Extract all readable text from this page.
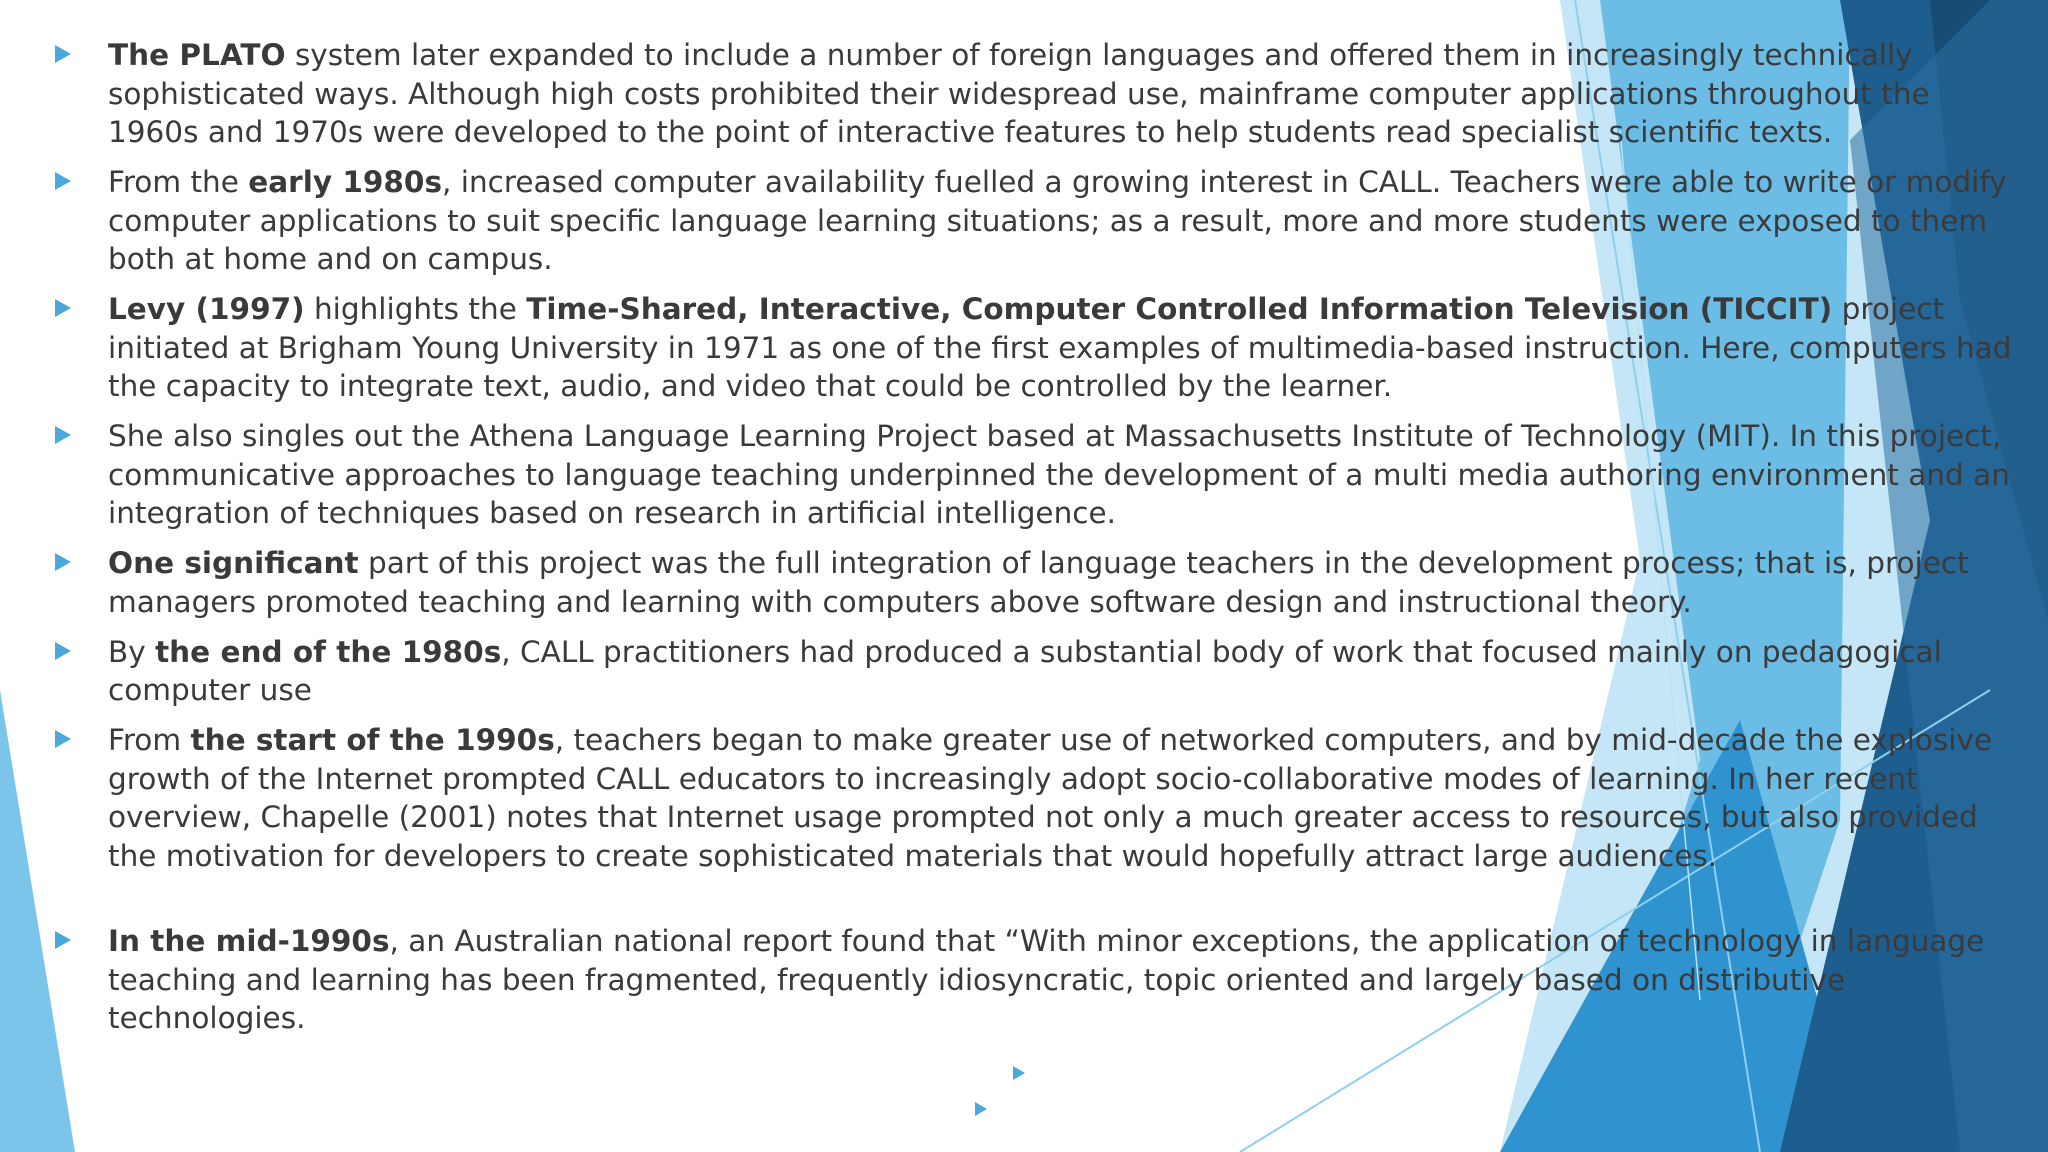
The PLATO system later expanded to include a number of foreign languages and offered them in increasingly technically sophisticated ways. Although high costs prohibited their widespread use, mainframe computer applications throughout the 1960s and 1970s were developed to the point of interactive features to help students read specialist scientific texts.
From the early 1980s, increased computer availability fuelled a growing interest in CALL. Teachers were able to write or modify computer applications to suit specific language learning situations; as a result, more and more students were exposed to them both at home and on campus.
Levy (1997) highlights the Time-Shared, Interactive, Computer Controlled Information Television (TICCIT) project initiated at Brigham Young University in 1971 as one of the first examples of multimedia-based instruction. Here, computers had the capacity to integrate text, audio, and video that could be controlled by the learner.
She also singles out the Athena Language Learning Project based at Massachusetts Institute of Technology (MIT). In this project, communicative approaches to language teaching underpinned the development of a multi media authoring environment and an integration of techniques based on research in artificial intelligence.
One significant part of this project was the full integration of language teachers in the development process; that is, project managers promoted teaching and learning with computers above software design and instructional theory.
By the end of the 1980s, CALL practitioners had produced a substantial body of work that focused mainly on pedagogical computer use
From the start of the 1990s, teachers began to make greater use of networked computers, and by mid-decade the explosive growth of the Internet prompted CALL educators to increasingly adopt socio-collaborative modes of learning. In her recent overview, Chapelle (2001) notes that Internet usage prompted not only a much greater access to resources, but also provided the motivation for developers to create sophisticated materials that would hopefully attract large audiences.
In the mid-1990s, an Australian national report found that “With minor exceptions, the application of technology in language teaching and learning has been fragmented, frequently idiosyncratic, topic oriented and largely based on distributive technologies.
